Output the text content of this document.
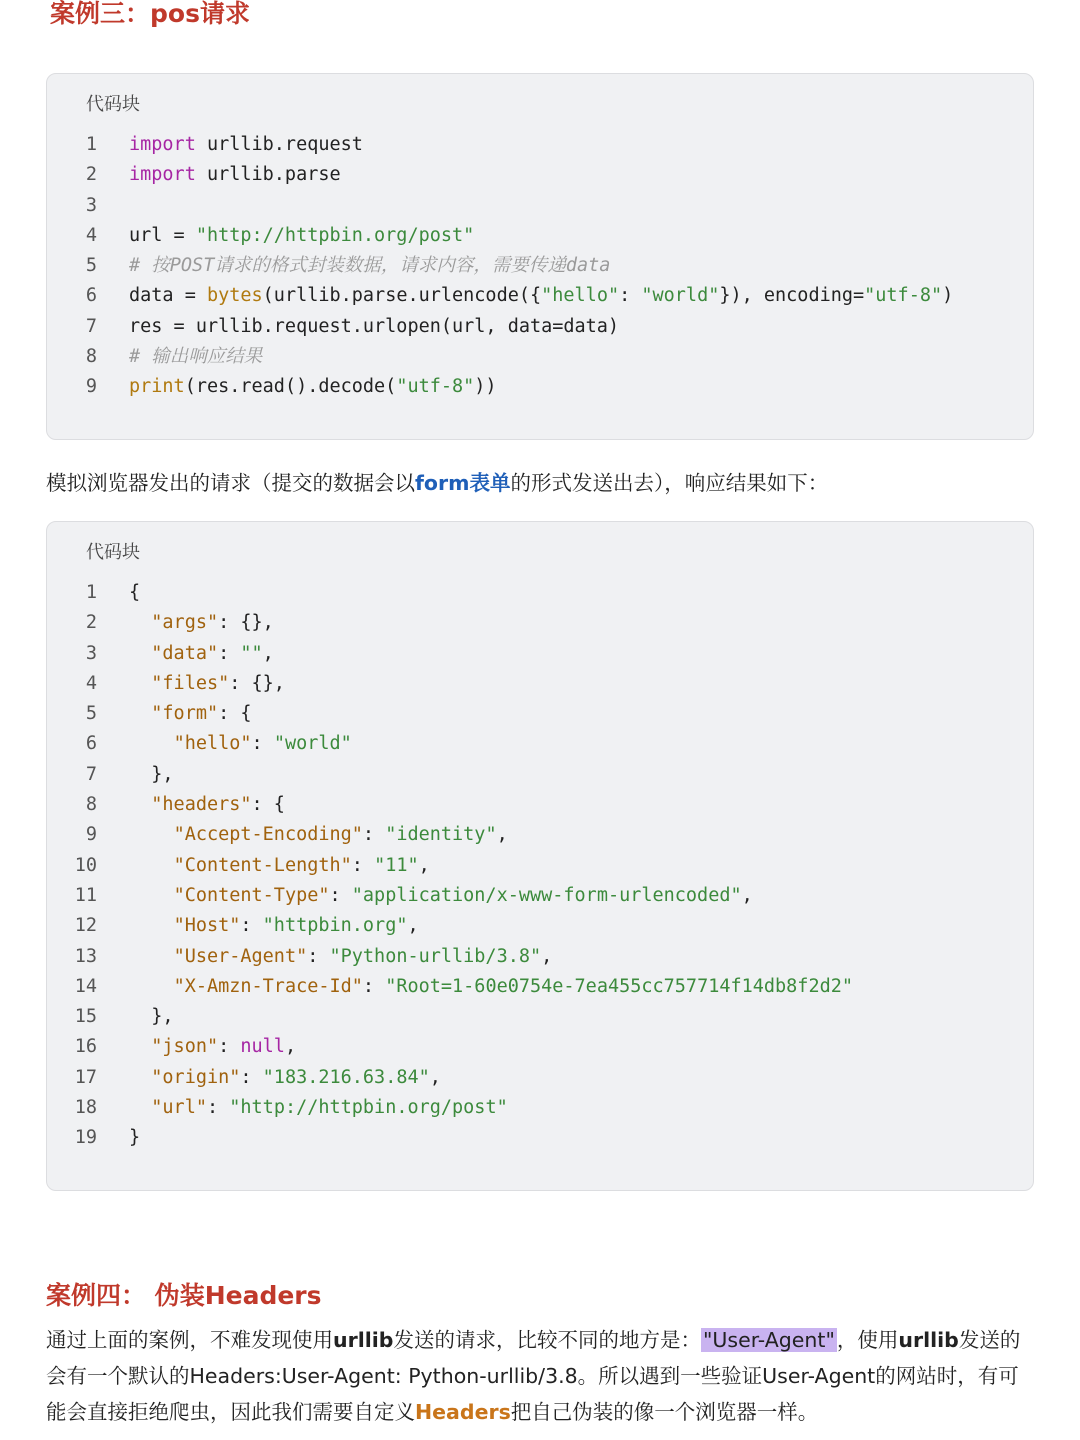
案例三：pos请求
代码块
1 import urllib.request
2 import urllib.parse
3
4 url = "http://httpbin.org/post"
5 # 按POST请求的格式封装数据，请求内容，需要传递data
6 data = bytes(urllib.parse.urlencode({"hello": "world"}), encoding="utf-8")
7 res = urllib.request.urlopen(url, data=data)
8 # 输出响应结果
9 print(res.read().decode("utf-8"))

模拟浏览器发出的请求（提交的数据会以form表单的形式发送出去），响应结果如下：

代码块
1 {
2	"args": {},
3	"data": "",
4	"files": {},
5	"form": {
6	"hello": "world"
7 },
8	"headers": {
9	"Accept-Encoding": "identity",
10	"Content-Length": "11",
11	"Content-Type": "application/x-www-form-urlencoded",
12	"Host": "httpbin.org",
13	"User-Agent": "Python-urllib/3.8",
14	"X-Amzn-Trace-Id": "Root=1-60e0754e-7ea455cc757714f14db8f2d2"
15 },
16	"json": null,
17	"origin": "183.216.63.84",
18	"url": "http://httpbin.org/post"
19 }
案例四： 伪装Headers

通过上面的案例，不难发现使用urllib发送的请求，比较不同的地方是："User-Agent"，使用urllib发送的会有一个默认的Headers:User-Agent: Python-urllib/3.8。所以遇到一些验证User-Agent的网站时，有可能会直接拒绝爬虫，因此我们需要自定义Headers把自己伪装的像一个浏览器一样。
